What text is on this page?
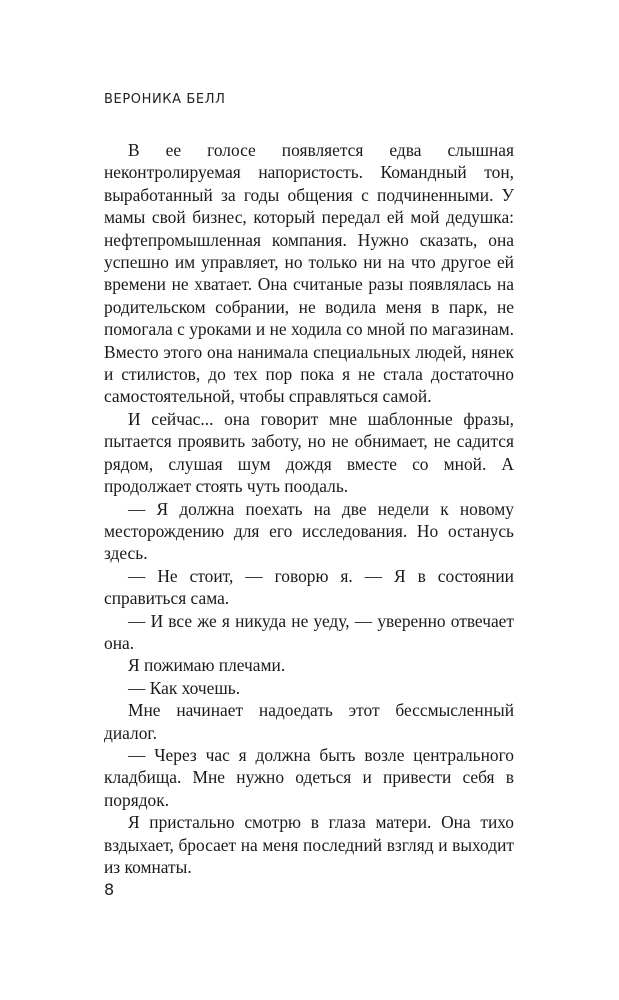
ВЕРОНИКА БЕЛЛ

В ее голосе появляется едва слышная неконтролируемая напористость. Командный тон, выработанный за годы общения с подчиненными. У мамы свой бизнес, который передал ей мой дедушка: нефтепромышленная компания. Нужно сказать, она успешно им управляет, но только ни на что другое ей времени не хватает. Она считаные разы появлялась на родительском собрании, не водила меня в парк, не помогала с уроками и не ходила со мной по магазинам. Вместо этого она нанимала специальных людей, нянек и стилистов, до тех пор пока я не стала достаточно самостоятельной, чтобы справляться самой.

И сейчас... она говорит мне шаблонные фразы, пытается проявить заботу, но не обнимает, не садится рядом, слушая шум дождя вместе со мной. А продолжает стоять чуть поодаль.

— Я должна поехать на две недели к новому месторождению для его исследования. Но останусь здесь.

— Не стоит, — говорю я. — Я в состоянии справиться сама.

— И все же я никуда не уеду, — уверенно отвечает она.

Я пожимаю плечами.

— Как хочешь.

Мне начинает надоедать этот бессмысленный диалог.

— Через час я должна быть возле центрального кладбища. Мне нужно одеться и привести себя в порядок.

Я пристально смотрю в глаза матери. Она тихо вздыхает, бросает на меня последний взгляд и выходит из комнаты.

8
